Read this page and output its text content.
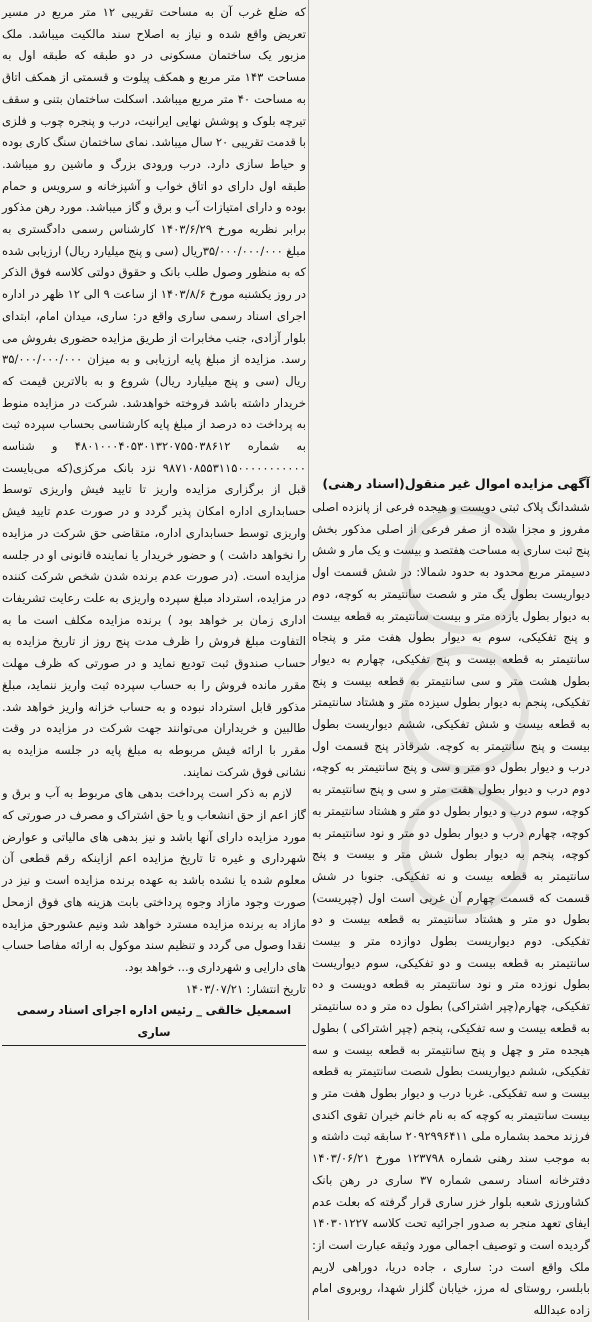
که ضلع غرب آن به مساحت تقریبی ۱۲ متر مربع در مسیر تعریض واقع شده و نیاز به اصلاح سند مالکیت میباشد. ملک مزبور یک ساختمان مسکونی در دو طبقه که طبقه اول به مساحت ۱۴۳ متر مربع و همکف پیلوت و قسمتی از همکف اتاق به مساحت ۴۰ متر مربع میباشد. اسکلت ساختمان بتنی و سقف تیرچه بلوک و پوشش نهایی ایرانیت، درب و پنجره چوب و فلزی با قدمت تقریبی ۲۰ سال میباشد. نمای ساختمان سنگ کاری بوده و حیاط سازی دارد. درب ورودی بزرگ و ماشین رو میباشد. طبقه اول دارای دو اتاق خواب و آشپزخانه و سرویس و حمام بوده و دارای امتیازات آب و برق و گاز میباشد. مورد رهن مذکور برابر نظریه مورخ ۱۴۰۳/۶/۲۹ کارشناس رسمی دادگستری به مبلغ ۳۵/۰۰۰/۰۰۰/۰۰۰ریال (سی و پنج میلیارد ریال) ارزیابی شده که به منظور وصول طلب بانک و حقوق دولتی کلاسه فوق الذکر در روز یکشنبه مورخ ۱۴۰۳/۸/۶ از ساعت ۹ الی ۱۲ ظهر در اداره اجرای اسناد رسمی ساری واقع در: ساری، میدان امام، ابتدای بلوار آزادی، جنب مخابرات از طریق مزایده حضوری بفروش می رسد. مزایده از مبلغ پایه ارزیابی و به میزان ۳۵/۰۰۰/۰۰۰/۰۰۰ ریال (سی و پنج میلیارد ریال) شروع و به بالاترین قیمت که خریدار داشته باشد فروخته خواهدشد. شرکت در مزایده منوط به پرداخت ده درصد از مبلغ پایه کارشناسی بحساب سپرده ثبت به شماره ۴۸۰۱۰۰۰۴۰۵۳۰۱۳۲۰۷۵۵۰۳۸۶۱۲ و شناسه ۹۸۷۱۰۸۵۵۳۱۱۵۰۰۰۰۰۰۰۰۰۰۰ نزد بانک مرکزی(که می‌بایست قبل از برگزاری مزایده واریز تا تایید فیش واریزی توسط حسابداری اداره امکان پذیر گردد و در صورت عدم تایید فیش واریزی توسط حسابداری اداره، متقاضی حق شرکت در مزایده را نخواهد داشت ) و حضور خریدار یا نماینده قانونی او در جلسه مزایده است. (در صورت عدم برنده شدن شخص شرکت کننده در مزایده، استرداد مبلغ سپرده واریزی به علت رعایت تشریفات اداری زمان بر خواهد بود ) برنده مزایده مکلف است ما به التفاوت مبلغ فروش را ظرف مدت پنج روز از تاریخ مزایده به حساب صندوق ثبت تودیع نماید و در صورتی که ظرف مهلت مقرر مانده فروش را به حساب سپرده ثبت واریز ننماید، مبلغ مذکور قابل استرداد نبوده و به حساب خزانه واریز خواهد شد. طالبین و خریداران می‌توانند جهت شرکت در مزایده در وقت مقرر با ارائه فیش مربوطه به مبلغ پایه در جلسه مزایده به نشانی فوق شرکت نمایند.

لازم به ذکر است پرداخت بدهی های مربوط به آب و برق و گاز اعم از حق انشعاب و یا حق اشتراک و مصرف در صورتی که مورد مزایده دارای آنها باشد و نیز بدهی های مالیاتی و عوارض شهرداری و غیره تا تاریخ مزایده اعم ازاینکه رقم قطعی آن معلوم شده یا نشده باشد به عهده برنده مزایده است و نیز در صورت وجود مازاد وجوه پرداختی بابت هزینه های فوق ازمحل مازاد به برنده مزایده مسترد خواهد شد ونیم عشورحق مزایده نقدا وصول می گردد و تنظیم سند موکول به ارائه مفاصا حساب های دارایی و شهرداری و... خواهد بود.

تاریخ انتشار: ۱۴۰۳/۰۷/۲۱

اسمعیل خالقی _ رئیس اداره اجرای اسناد رسمی ساری

آگهی مزایده اموال غیر منقول(اسناد رهنی)

ششدانگ پلاک ثبتی دویست و هیجده فرعی از پانزده اصلی مفروز و مجزا شده از صفر فرعی از اصلی مذکور بخش پنج ثبت ساری به مساحت هفتصد و بیست و یک مار و شش دسیمتر مربع محدود به حدود شمالا: در شش قسمت اول دیواریست بطول یگ متر و شصت سانتیمتر به کوچه، دوم به دیوار بطول یازده متر و بیست سانتیمتر به قطعه بیست و پنج تفکیکی، سوم به دیوار بطول هفت متر و پنجاه سانتیمتر به قطعه بیست و پنج تفکیکی، چهارم به دیوار بطول هشت متر و سی سانتیمتر به قطعه بیست و پنج تفکیکی، پنجم به دیوار بطول سیزده متر و هشتاد سانتیمتر به قطعه بیست و شش تفکیکی، ششم دیواریست بطول بیست و پنج سانتیمتر به کوچه. شرقاذر پنج قسمت اول درب و دیوار بطول دو متر و سی و پنج سانتیمتر به کوچه، دوم درب و دیوار بطول هفت متر و سی و پنج سانتیمتر به کوچه، سوم درب و دیوار بطول دو متر و هشتاد سانتیمتر به کوچه، چهارم درب و دیوار بطول دو متر و نود سانتیمتر به کوچه، پنجم به دیوار بطول شش متر و بیست و پنج سانتیمتر به قطعه بیست و نه تفکیکی. جنوبا در شش قسمت که قسمت چهارم آن غربی است اول (چپریست) بطول دو متر و هشتاد سانتیمتر به قطعه بیست و دو تفکیکی. دوم دیواریست بطول دوازده متر و بیست سانتیمتر به قطعه بیست و دو تفکیکی، سوم دیواریست بطول نوزده متر و نود سانتیمتر به قطعه دویست و ده تفکیکی، چهارم(چپر اشتراکی) بطول ده متر و ده سانتیمتر به قطعه بیست و سه تفکیکی، پنجم (چپر اشتراکی ) بطول هیجده متر و چهل و پنج سانتیمتر به قطعه بیست و سه تفکیکی، ششم دیواریست بطول شصت سانتیمتر به قطعه بیست و سه تفکیکی. غربا درب و دیوار بطول هفت متر و بیست سانتیمتر به کوچه که به نام خانم خیران تقوی اکندی فرزند محمد بشماره ملی ۲۰۹۲۹۹۶۴۱۱ سابقه ثبت داشته و به موجب سند رهنی شماره ۱۲۳۷۹۸ مورخ ۱۴۰۳/۰۶/۲۱ دفترخانه اسناد رسمی شماره ۳۷ ساری در رهن بانک کشاورزی شعبه بلوار خزر ساری قرار گرفته که بعلت عدم ایفای تعهد منجر به صدور اجرائیه تحت کلاسه ۱۴۰۳۰۱۲۲۷ گردیده است و توصیف اجمالی مورد وثیقه عبارت است از: ملک واقع است در: ساری ، جاده دریا، دوراهی لاریم بابلسر، روستای له مرز، خیابان گلزار شهدا، روبروی امام زاده عبدالله
